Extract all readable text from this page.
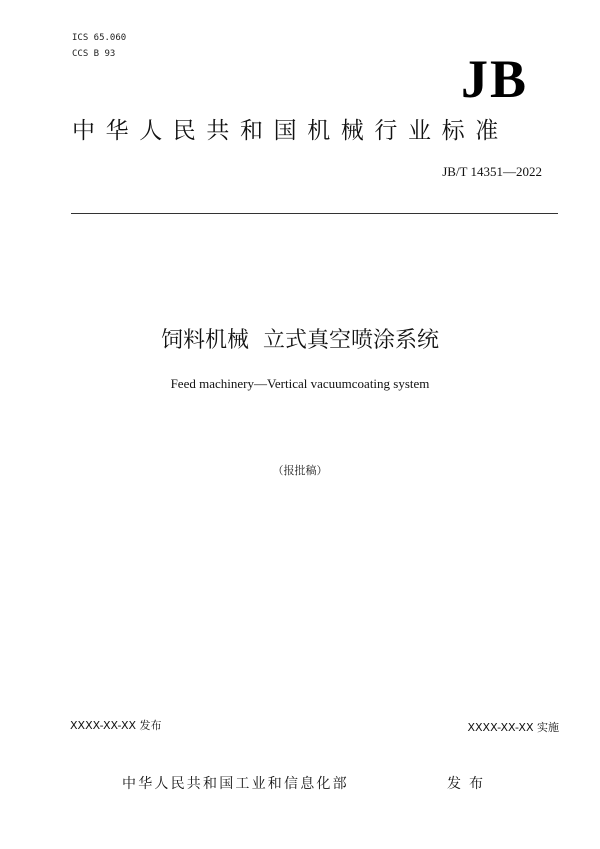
ICS 65.060
CCS B 93	JB
中华人民共和国机械行业标准
JB/T 14351—2022
饲料机械  立式真空喷涂系统
Feed machinery—Vertical vacuumcoating system
（报批稿）
XXXX-XX-XX 发布	XXXX-XX-XX 实施
中华人民共和国工业和信息化部	发布
